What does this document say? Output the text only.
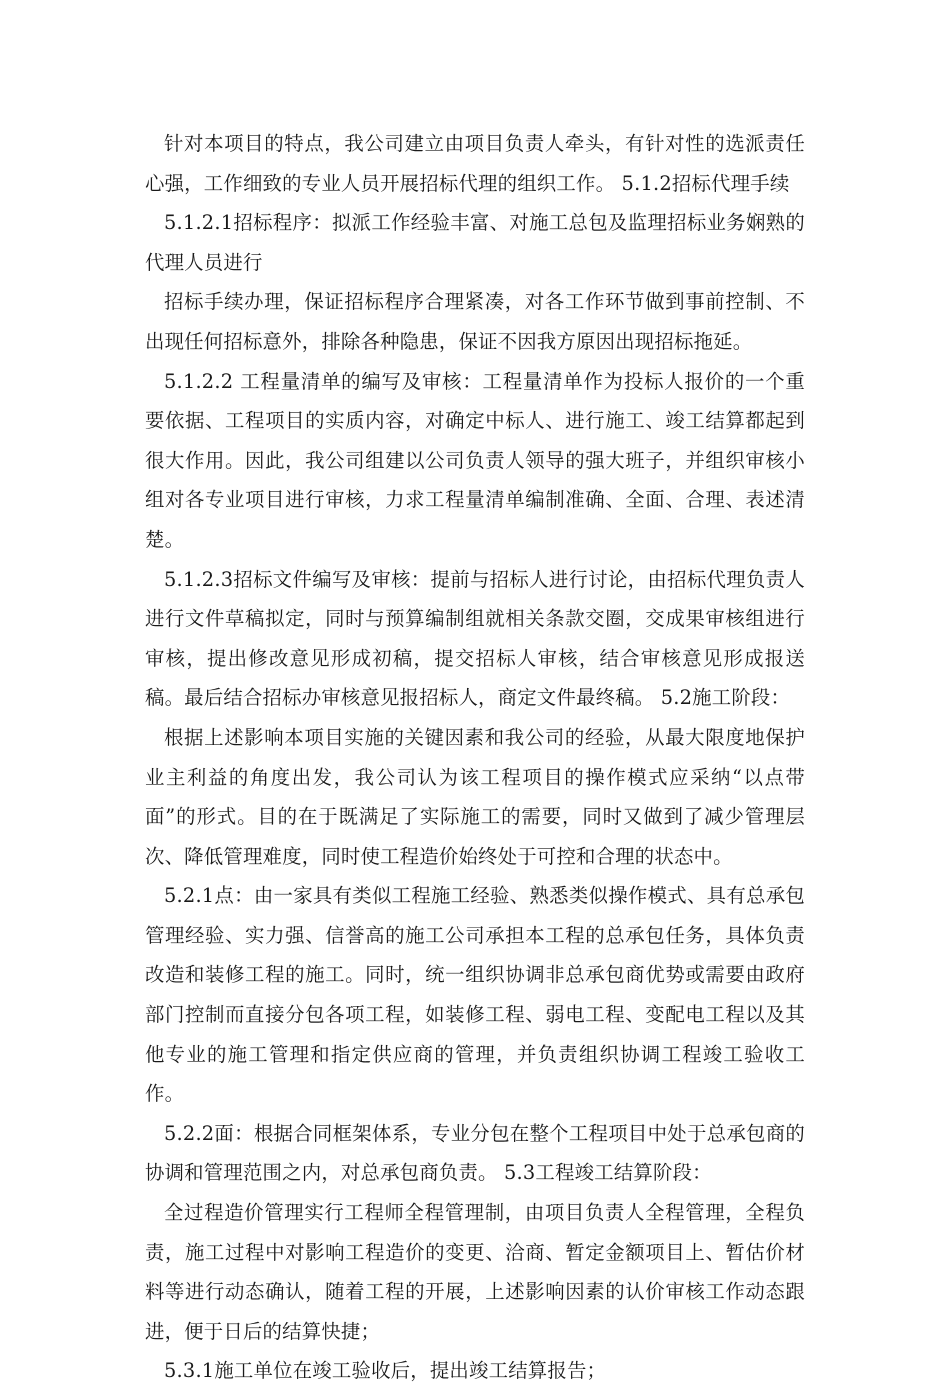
针对本项目的特点，我公司建立由项目负责人牵头，有针对性的选派责任心强，工作细致的专业人员开展招标代理的组织工作。 5.1.2招标代理手续

5.1.2.1招标程序：拟派工作经验丰富、对施工总包及监理招标业务娴熟的代理人员进行

招标手续办理，保证招标程序合理紧凑，对各工作环节做到事前控制、不出现任何招标意外，排除各种隐患，保证不因我方原因出现招标拖延。

5.1.2.2 工程量清单的编写及审核：工程量清单作为投标人报价的一个重要依据、工程项目的实质内容，对确定中标人、进行施工、竣工结算都起到很大作用。因此，我公司组建以公司负责人领导的强大班子，并组织审核小组对各专业项目进行审核，力求工程量清单编制准确、全面、合理、表述清楚。

5.1.2.3招标文件编写及审核：提前与招标人进行讨论，由招标代理负责人进行文件草稿拟定，同时与预算编制组就相关条款交圈，交成果审核组进行审核，提出修改意见形成初稿，提交招标人审核，结合审核意见形成报送稿。最后结合招标办审核意见报招标人，商定文件最终稿。 5.2施工阶段：

根据上述影响本项目实施的关键因素和我公司的经验，从最大限度地保护业主利益的角度出发，我公司认为该工程项目的操作模式应采纳“以点带面”的形式。目的在于既满足了实际施工的需要，同时又做到了减少管理层次、降低管理难度，同时使工程造价始终处于可控和合理的状态中。

5.2.1点：由一家具有类似工程施工经验、熟悉类似操作模式、具有总承包管理经验、实力强、信誉高的施工公司承担本工程的总承包任务，具体负责改造和装修工程的施工。同时，统一组织协调非总承包商优势或需要由政府部门控制而直接分包各项工程，如装修工程、弱电工程、变配电工程以及其他专业的施工管理和指定供应商的管理，并负责组织协调工程竣工验收工作。

5.2.2面：根据合同框架体系，专业分包在整个工程项目中处于总承包商的协调和管理范围之内，对总承包商负责。 5.3工程竣工结算阶段：

全过程造价管理实行工程师全程管理制，由项目负责人全程管理，全程负责，施工过程中对影响工程造价的变更、洽商、暂定金额项目上、暂估价材料等进行动态确认，随着工程的开展，上述影响因素的认价审核工作动态跟进，便于日后的结算快捷；

5.3.1施工单位在竣工验收后，提出竣工结算报告；
